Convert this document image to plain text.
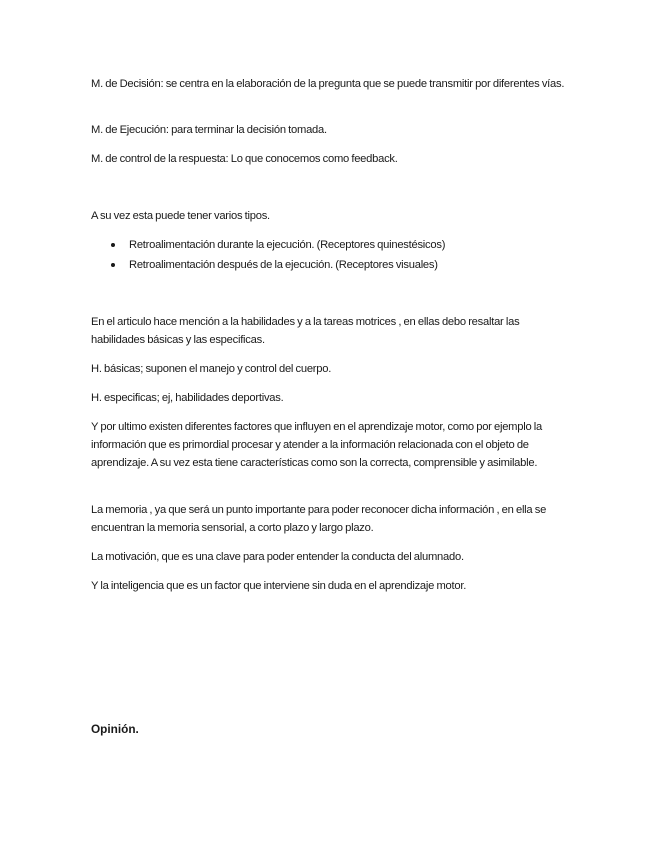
M. de Decisión: se centra en la elaboración de la pregunta que se puede transmitir por diferentes vías.

M. de Ejecución: para terminar la decisión tomada.

M. de control de la respuesta: Lo que conocemos como feedback.

A su vez esta puede tener varios tipos.

Retroalimentación durante la ejecución. (Receptores quinestésicos)
Retroalimentación después de la ejecución. (Receptores visuales)

En el articulo hace mención a la habilidades y a la tareas motrices , en ellas debo resaltar las habilidades básicas y las especificas.

H. básicas; suponen el manejo y control del cuerpo.

H. especificas; ej, habilidades deportivas.

Y por ultimo existen diferentes factores que influyen en el aprendizaje motor, como por ejemplo la información que es primordial procesar y atender a la información relacionada con el objeto de aprendizaje. A su vez esta tiene características como son la correcta, comprensible y asimilable.

La memoria , ya que será un punto importante para poder reconocer dicha información , en ella se encuentran la memoria sensorial, a corto plazo y largo plazo.

La motivación, que es una clave para poder entender la conducta del alumnado.

Y la inteligencia que es un factor que interviene sin duda en el aprendizaje motor.

Opinión.
